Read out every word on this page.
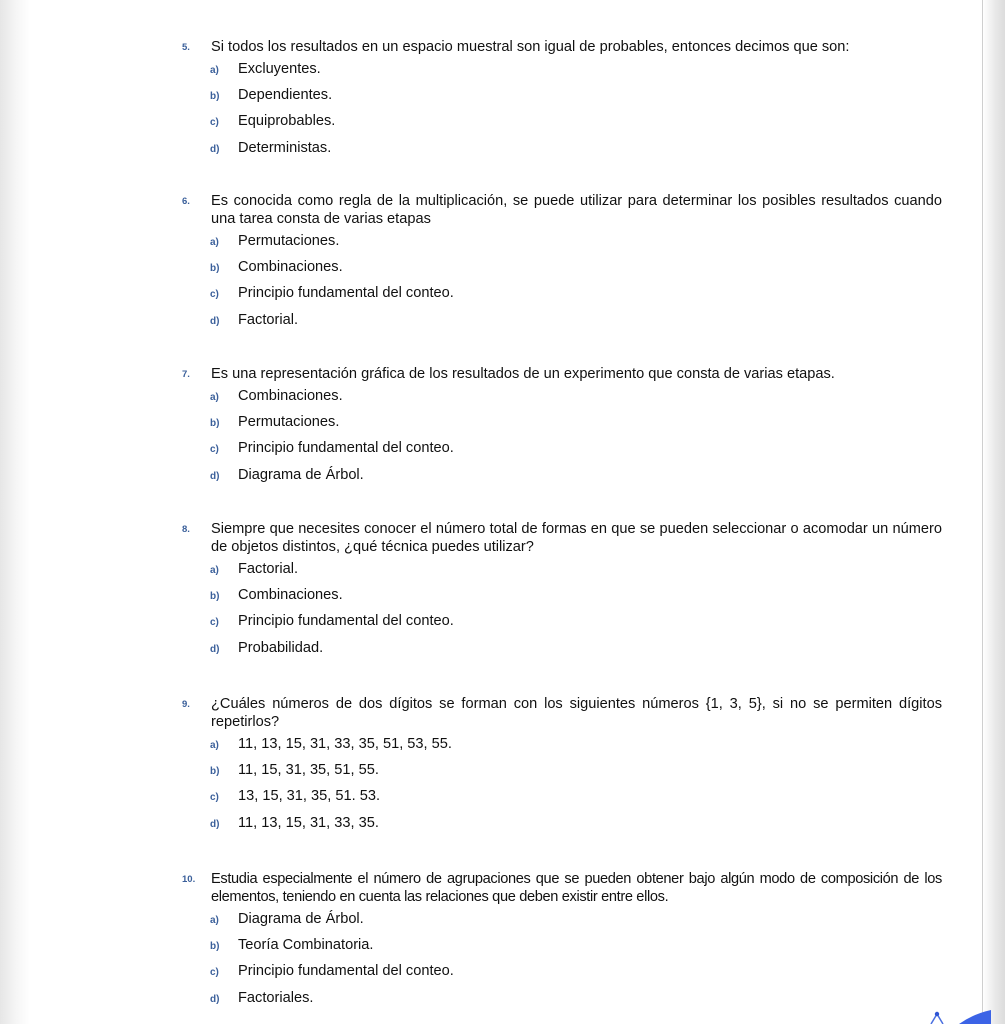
5. Si todos los resultados en un espacio muestral son igual de probables, entonces decimos que son:
a) Excluyentes.
b) Dependientes.
c) Equiprobables.
d) Deterministas.
6. Es conocida como regla de la multiplicación, se puede utilizar para determinar los posibles resultados cuando una tarea consta de varias etapas
a) Permutaciones.
b) Combinaciones.
c) Principio fundamental del conteo.
d) Factorial.
7. Es una representación gráfica de los resultados de un experimento que consta de varias etapas.
a) Combinaciones.
b) Permutaciones.
c) Principio fundamental del conteo.
d) Diagrama de Árbol.
8. Siempre que necesites conocer el número total de formas en que se pueden seleccionar o acomodar un número de objetos distintos, ¿qué técnica puedes utilizar?
a) Factorial.
b) Combinaciones.
c) Principio fundamental del conteo.
d) Probabilidad.
9. ¿Cuáles números de dos dígitos se forman con los siguientes números {1, 3, 5}, si no se permiten dígitos repetirlos?
a) 11, 13, 15, 31, 33, 35, 51, 53, 55.
b) 11, 15, 31, 35, 51, 55.
c) 13, 15, 31, 35, 51. 53.
d) 11, 13, 15, 31, 33, 35.
10. Estudia especialmente el número de agrupaciones que se pueden obtener bajo algún modo de composición de los elementos, teniendo en cuenta las relaciones que deben existir entre ellos.
a) Diagrama de Árbol.
b) Teoría Combinatoria.
c) Principio fundamental del conteo.
d) Factoriales.
